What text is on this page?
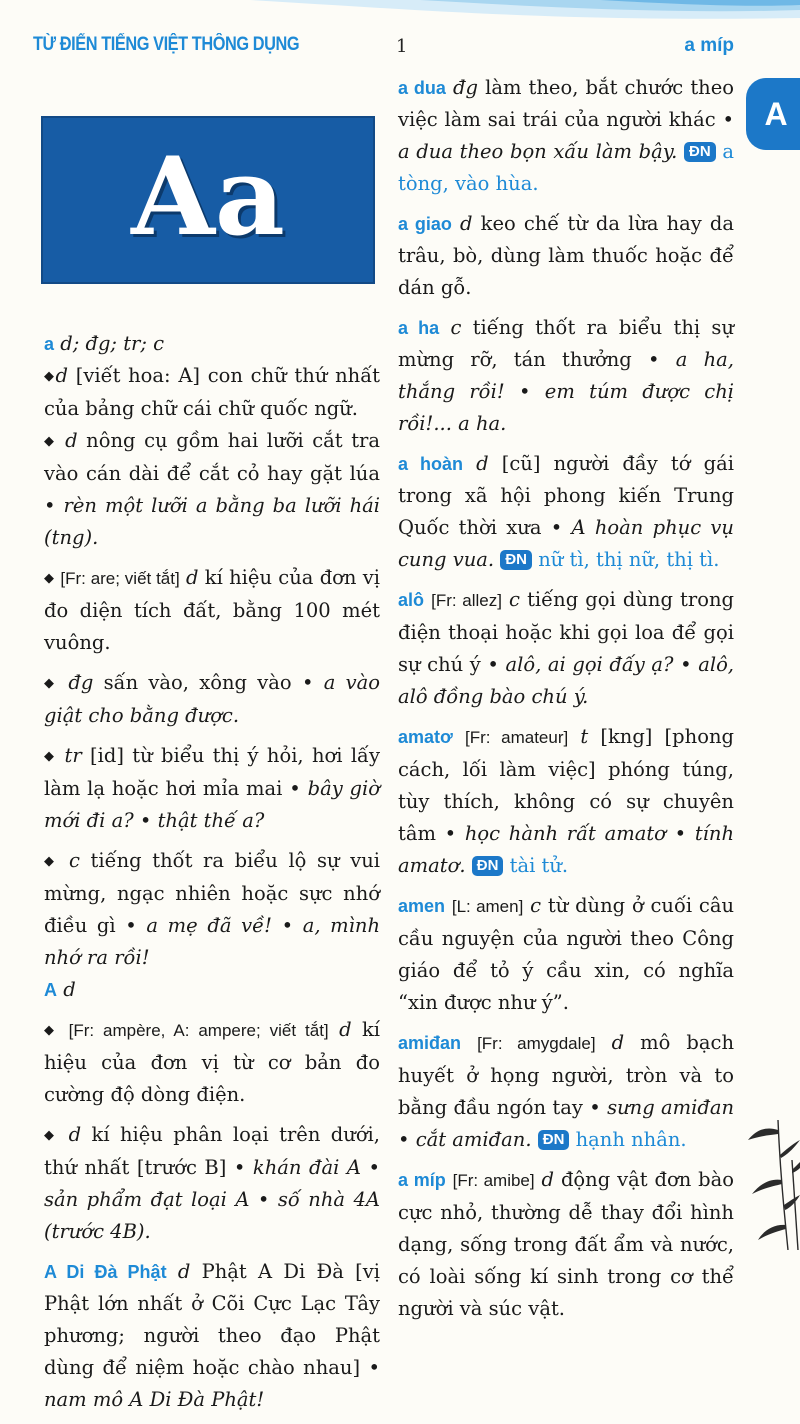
TỪ ĐIỂN TIẾNG VIỆT THÔNG DỤNG	1	a míp
A
Aa

a d; đg; tr; c

◆d [viết hoa: A] con chữ thứ nhất của bảng chữ cái chữ quốc ngữ.

◆ d nông cụ gồm hai lưỡi cắt tra vào cán dài để cắt cỏ hay gặt lúa • rèn một lưỡi a bằng ba lưỡi hái (tng).

◆ [Fr: are; viết tắt] d kí hiệu của đơn vị đo diện tích đất, bằng 100 mét vuông.

◆ đg sấn vào, xông vào • a vào giật cho bằng được.

◆ tr [id] từ biểu thị ý hỏi, hơi lấy làm lạ hoặc hơi mỉa mai • bây giờ mới đi a? • thật thế a?

◆ c tiếng thốt ra biểu lộ sự vui mừng, ngạc nhiên hoặc sực nhớ điều gì • a mẹ đã về! • a, mình nhớ ra rồi!

A d

◆ [Fr: ampère, A: ampere; viết tắt] d kí hiệu của đơn vị từ cơ bản đo cường độ dòng điện.

◆ d kí hiệu phân loại trên dưới, thứ nhất [trước B] • khán đài A • sản phẩm đạt loại A • số nhà 4A (trước 4B).

A Di Đà Phật d Phật A Di Đà [vị Phật lớn nhất ở Cõi Cực Lạc Tây phương; người theo đạo Phật dùng để niệm hoặc chào nhau] • nam mô A Di Đà Phật!

a dua đg làm theo, bắt chước theo việc làm sai trái của người khác • a dua theo bọn xấu làm bậy. ĐN a tòng, vào hùa.

a giao d keo chế từ da lừa hay da trâu, bò, dùng làm thuốc hoặc để dán gỗ.

a ha c tiếng thốt ra biểu thị sự mừng rỡ, tán thưởng • a ha, thắng rồi! • em túm được chị rồi!... a ha.

a hoàn d [cũ] người đầy tớ gái trong xã hội phong kiến Trung Quốc thời xưa • A hoàn phục vụ cung vua. ĐN nữ tì, thị nữ, thị tì.

alô [Fr: allez] c tiếng gọi dùng trong điện thoại hoặc khi gọi loa để gọi sự chú ý • alô, ai gọi đấy ạ? • alô, alô đồng bào chú ý.

amatơ [Fr: amateur] t [kng] [phong cách, lối làm việc] phóng túng, tùy thích, không có sự chuyên tâm • học hành rất amatơ • tính amatơ. ĐN tài tử.

amen [L: amen] c từ dùng ở cuối câu cầu nguyện của người theo Công giáo để tỏ ý cầu xin, có nghĩa “xin được như ý”.

amiđan [Fr: amygdale] d mô bạch huyết ở họng người, tròn và to bằng đầu ngón tay • sưng amiđan • cắt amiđan. ĐN hạnh nhân.

a míp [Fr: amibe] d động vật đơn bào cực nhỏ, thường dễ thay đổi hình dạng, sống trong đất ẩm và nước, có loài sống kí sinh trong cơ thể người và súc vật.
